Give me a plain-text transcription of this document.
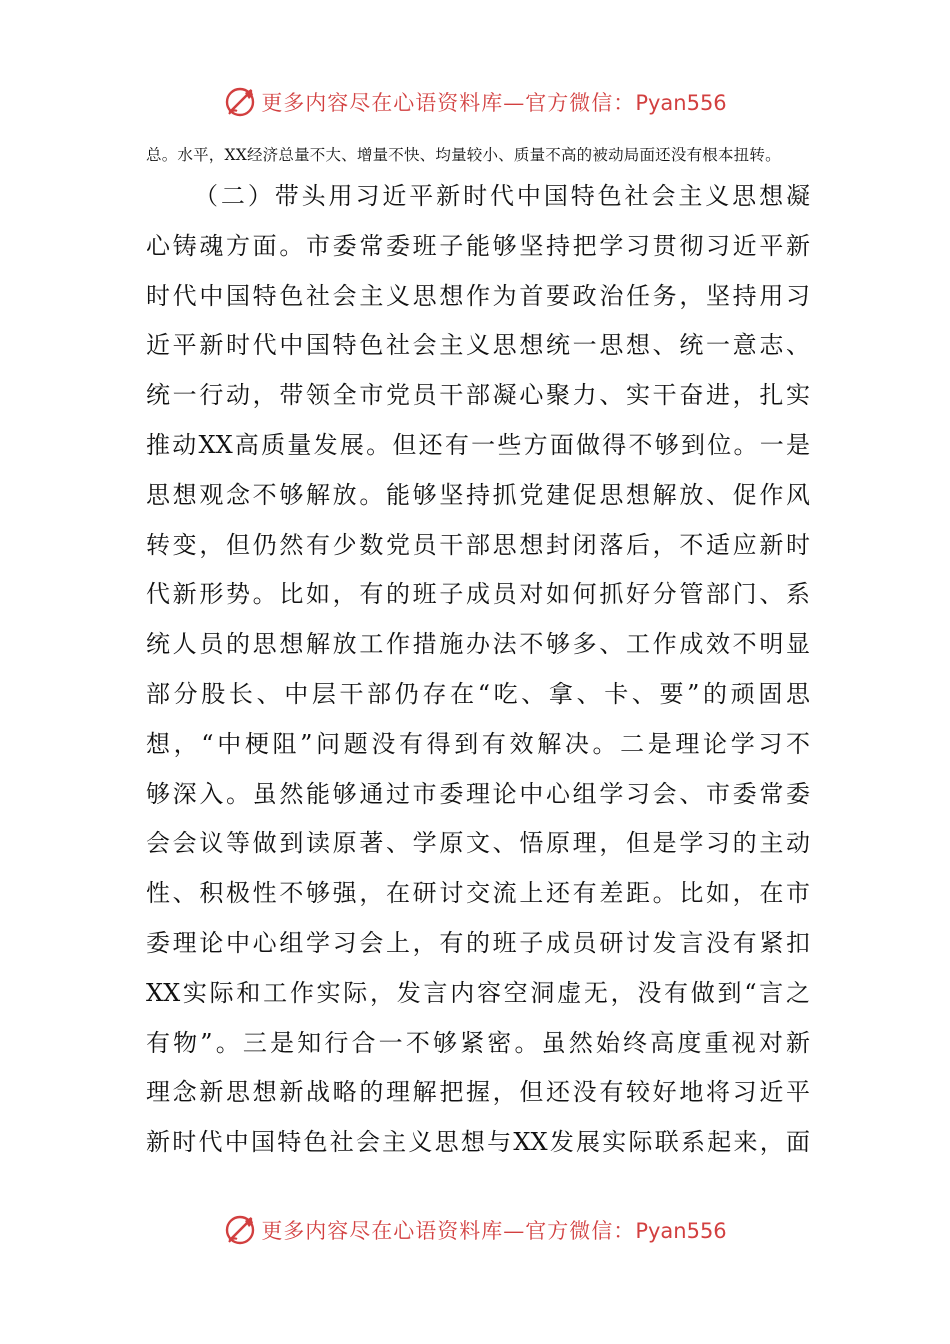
更多内容尽在心语资料库—官方微信：Pyan556
总。水平，XX经济总量不大、增量不快、均量较小、质量不高的被动局面还没有根本扭转。
（二）带头用习近平新时代中国特色社会主义思想凝
心铸魂方面。市委常委班子能够坚持把学习贯彻习近平新
时代中国特色社会主义思想作为首要政治任务，坚持用习
近平新时代中国特色社会主义思想统一思想、统一意志、
统一行动，带领全市党员干部凝心聚力、实干奋进，扎实
推动XX高质量发展。但还有一些方面做得不够到位。一是
思想观念不够解放。能够坚持抓党建促思想解放、促作风
转变，但仍然有少数党员干部思想封闭落后，不适应新时
代新形势。比如，有的班子成员对如何抓好分管部门、系
统人员的思想解放工作措施办法不够多、工作成效不明显
部分股长、中层干部仍存在“吃、拿、卡、要”的顽固思
想，“中梗阻”问题没有得到有效解决。二是理论学习不
够深入。虽然能够通过市委理论中心组学习会、市委常委
会会议等做到读原著、学原文、悟原理，但是学习的主动
性、积极性不够强，在研讨交流上还有差距。比如，在市
委理论中心组学习会上，有的班子成员研讨发言没有紧扣
XX实际和工作实际，发言内容空洞虚无，没有做到“言之
有物”。三是知行合一不够紧密。虽然始终高度重视对新
理念新思想新战略的理解把握，但还没有较好地将习近平
新时代中国特色社会主义思想与XX发展实际联系起来，面
更多内容尽在心语资料库—官方微信：Pyan556
